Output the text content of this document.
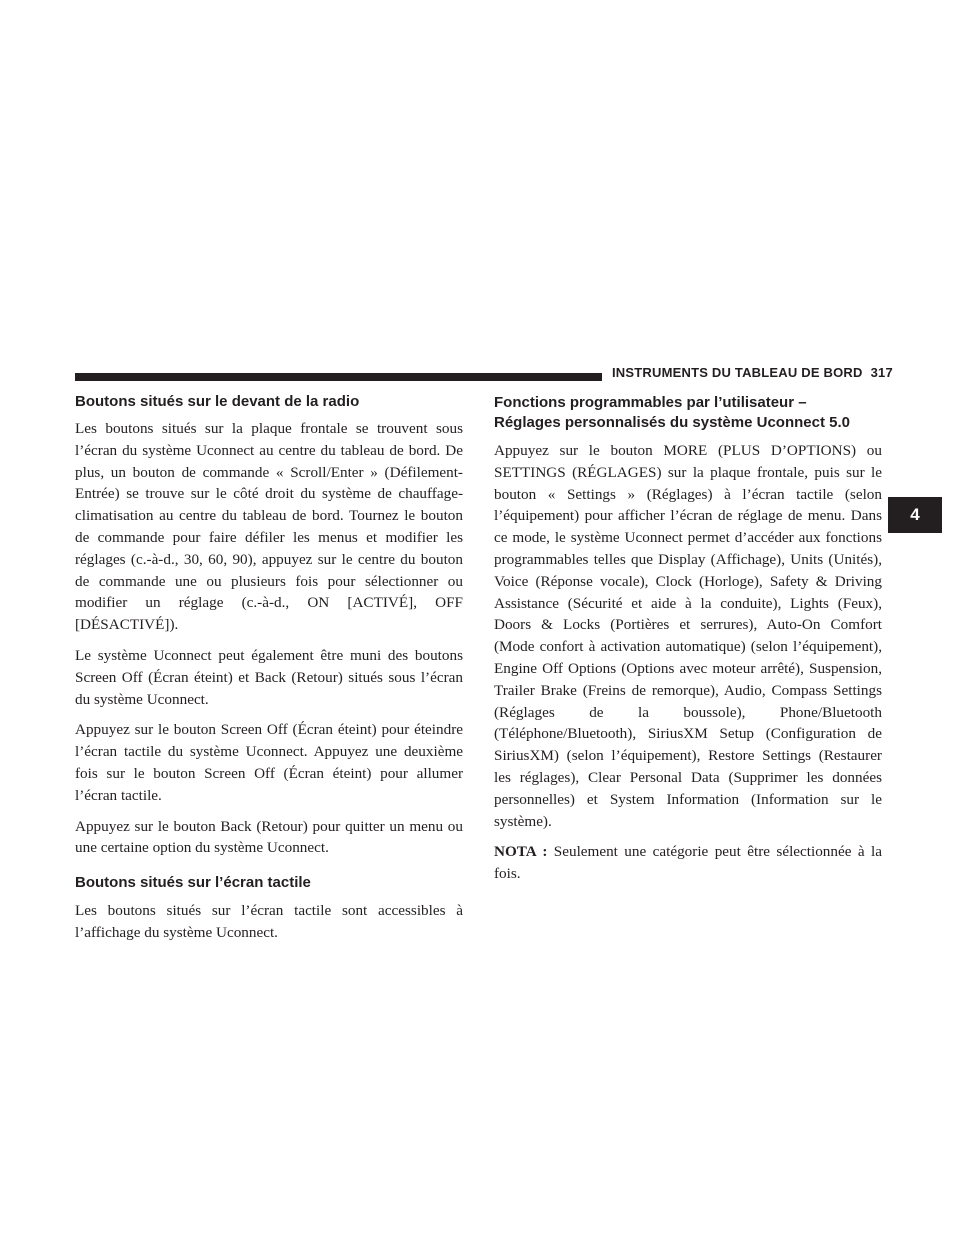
INSTRUMENTS DU TABLEAU DE BORD 317
4
Boutons situés sur le devant de la radio

Les boutons situés sur la plaque frontale se trouvent sous l’écran du système Uconnect au centre du tableau de bord. De plus, un bouton de commande « Scroll/Enter » (Défilement-Entrée) se trouve sur le côté droit du système de chauffage-climatisation au centre du tableau de bord. Tournez le bouton de commande pour faire défiler les menus et modifier les réglages (c.-à-d., 30, 60, 90), appuyez sur le centre du bouton de commande une ou plusieurs fois pour sélectionner ou modifier un réglage (c.-à-d., ON [ACTIVÉ], OFF [DÉSACTIVÉ]).

Le système Uconnect peut également être muni des boutons Screen Off (Écran éteint) et Back (Retour) situés sous l’écran du système Uconnect.

Appuyez sur le bouton Screen Off (Écran éteint) pour éteindre l’écran tactile du système Uconnect. Appuyez une deuxième fois sur le bouton Screen Off (Écran éteint) pour allumer l’écran tactile.

Appuyez sur le bouton Back (Retour) pour quitter un menu ou une certaine option du système Uconnect.

Boutons situés sur l’écran tactile

Les boutons situés sur l’écran tactile sont accessibles à l’affichage du système Uconnect.

Fonctions programmables par l’utilisateur –
Réglages personnalisés du système Uconnect 5.0

Appuyez sur le bouton MORE (PLUS D’OPTIONS) ou SETTINGS (RÉGLAGES) sur la plaque frontale, puis sur le bouton « Settings » (Réglages) à l’écran tactile (selon l’équipement) pour afficher l’écran de réglage de menu. Dans ce mode, le système Uconnect permet d’accéder aux fonctions programmables telles que Display (Affichage), Units (Unités), Voice (Réponse vocale), Clock (Horloge), Safety & Driving Assistance (Sécurité et aide à la conduite), Lights (Feux), Doors & Locks (Portières et serrures), Auto-On Comfort (Mode confort à activation automatique) (selon l’équipement), Engine Off Options (Options avec moteur arrêté), Suspension, Trailer Brake (Freins de remorque), Audio, Compass Settings (Réglages de la boussole), Phone/Bluetooth (Téléphone/Bluetooth), SiriusXM Setup (Configuration de SiriusXM) (selon l’équipement), Restore Settings (Restaurer les réglages), Clear Personal Data (Supprimer les données personnelles) et System Information (Information sur le système).

NOTA : Seulement une catégorie peut être sélectionnée à la fois.
